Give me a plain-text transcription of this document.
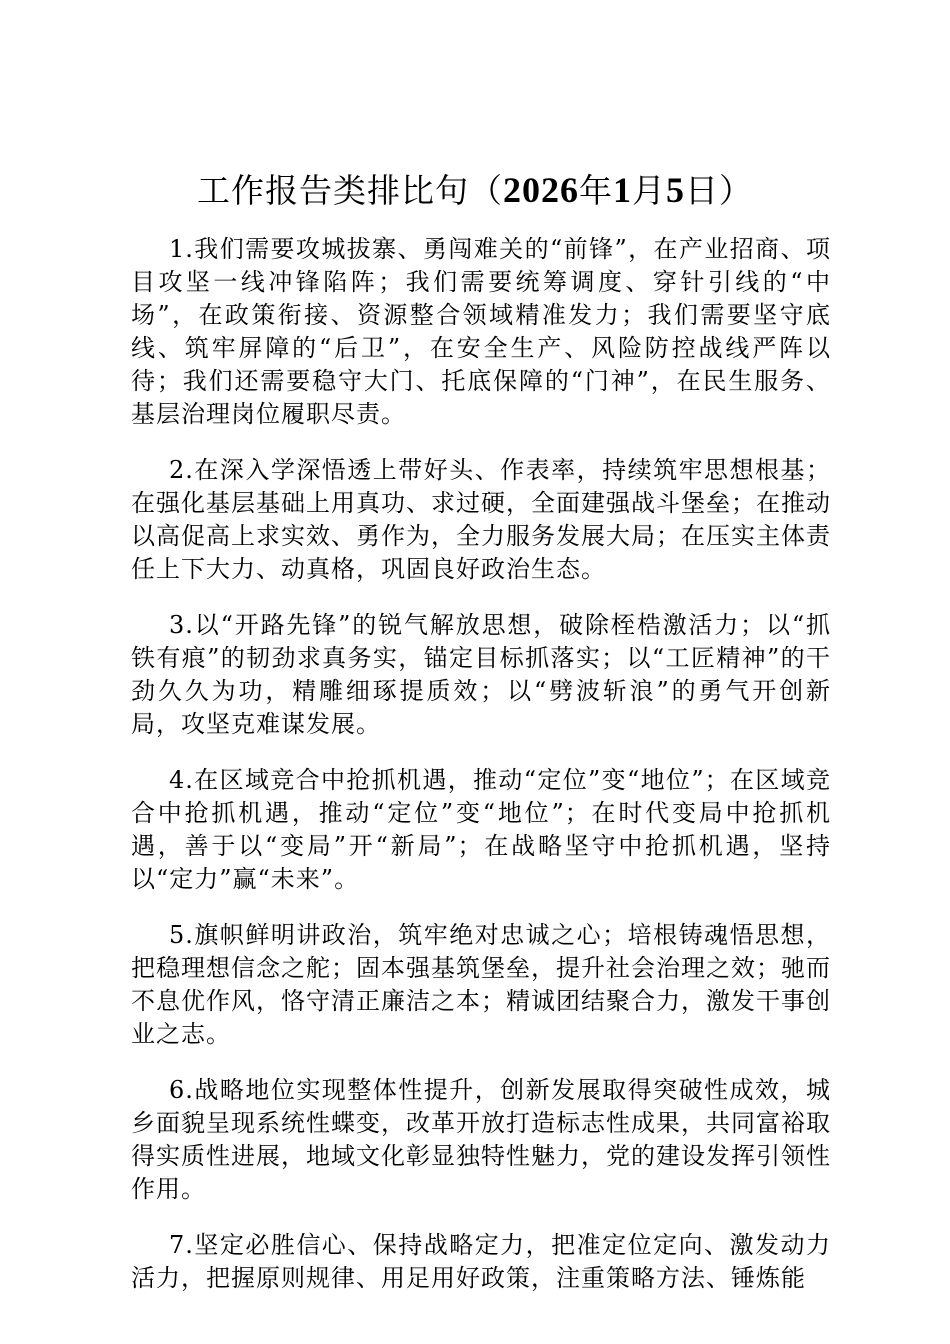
工作报告类排比句（2026年1月5日）

1.我们需要攻城拔寨、勇闯难关的“前锋”，在产业招商、项目攻坚一线冲锋陷阵；我们需要统筹调度、穿针引线的“中场”，在政策衔接、资源整合领域精准发力；我们需要坚守底线、筑牢屏障的“后卫”，在安全生产、风险防控战线严阵以待；我们还需要稳守大门、托底保障的“门神”，在民生服务、基层治理岗位履职尽责。

2.在深入学深悟透上带好头、作表率，持续筑牢思想根基；在强化基层基础上用真功、求过硬，全面建强战斗堡垒；在推动以高促高上求实效、勇作为，全力服务发展大局；在压实主体责任上下大力、动真格，巩固良好政治生态。

3.以“开路先锋”的锐气解放思想，破除桎梏激活力；以“抓铁有痕”的韧劲求真务实，锚定目标抓落实；以“工匠精神”的干劲久久为功，精雕细琢提质效；以“劈波斩浪”的勇气开创新局，攻坚克难谋发展。

4.在区域竞合中抢抓机遇，推动“定位”变“地位”；在区域竞合中抢抓机遇，推动“定位”变“地位”；在时代变局中抢抓机遇，善于以“变局”开“新局”；在战略坚守中抢抓机遇，坚持以“定力”赢“未来”。

5.旗帜鲜明讲政治，筑牢绝对忠诚之心；培根铸魂悟思想，把稳理想信念之舵；固本强基筑堡垒，提升社会治理之效；驰而不息优作风，恪守清正廉洁之本；精诚团结聚合力，激发干事创业之志。

6.战略地位实现整体性提升，创新发展取得突破性成效，城乡面貌呈现系统性蝶变，改革开放打造标志性成果，共同富裕取得实质性进展，地域文化彰显独特性魅力，党的建设发挥引领性作用。

7.坚定必胜信心、保持战略定力，把准定位定向、激发动力活力，把握原则规律、用足用好政策，注重策略方法、锤炼能
